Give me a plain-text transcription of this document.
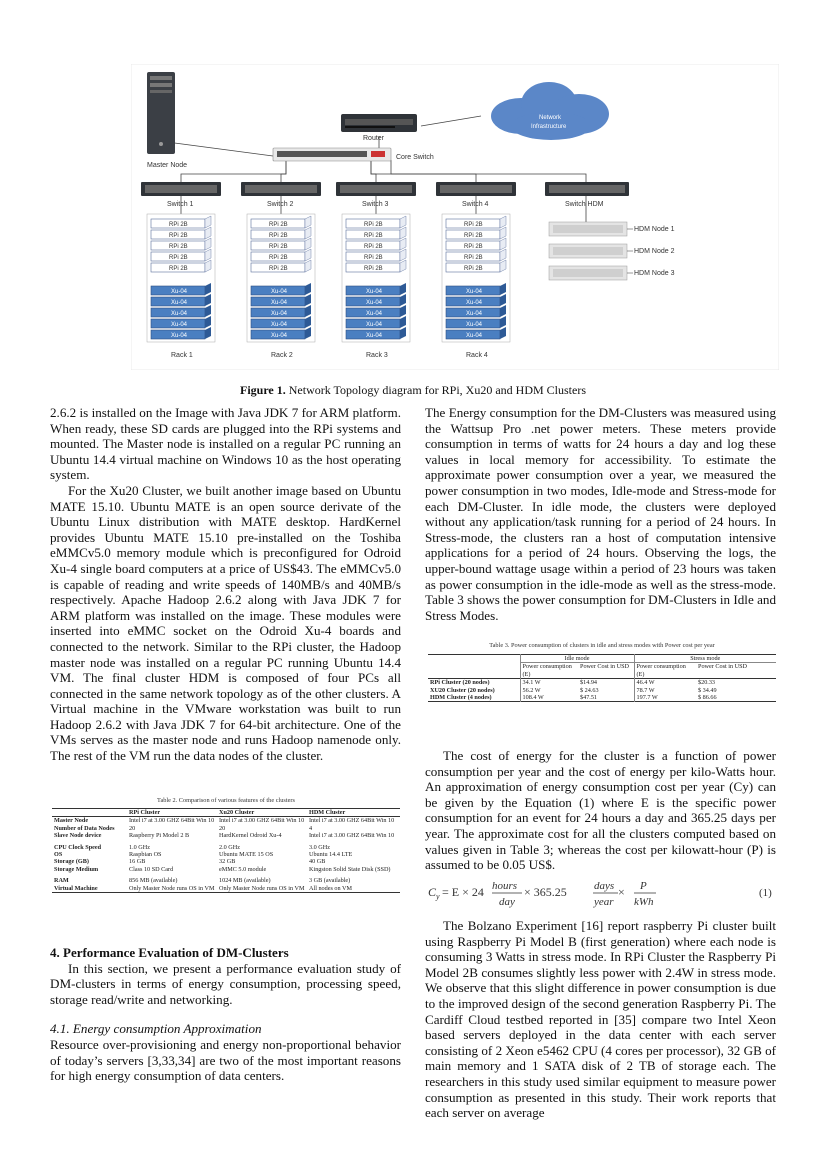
Master Node
Router
Network
Infrastructure
Core Switch
Switch 1
RPi 2B
RPi 2B
RPi 2B
RPi 2B
RPi 2B
Xu-04
Xu-04
Xu-04
Xu-04
Xu-04
Rack 1
Switch 2
RPi 2B
RPi 2B
RPi 2B
RPi 2B
RPi 2B
Xu-04
Xu-04
Xu-04
Xu-04
Xu-04
Rack 2
Switch 3
RPi 2B
RPi 2B
RPi 2B
RPi 2B
RPi 2B
Xu-04
Xu-04
Xu-04
Xu-04
Xu-04
Rack 3
Switch 4
RPi 2B
RPi 2B
RPi 2B
RPi 2B
RPi 2B
Xu-04
Xu-04
Xu-04
Xu-04
Xu-04
Rack 4
Switch HDM
HDM Node 1
HDM Node 2
HDM Node 3
Figure 1. Network Topology diagram for RPi, Xu20 and HDM Clusters

2.6.2 is installed on the Image with Java JDK 7 for ARM platform. When ready, these SD cards are plugged into the RPi systems and mounted. The Master node is installed on a regular PC running an Ubuntu 14.4 virtual machine on Windows 10 as the host operating system.

For the Xu20 Cluster, we built another image based on Ubuntu MATE 15.10. Ubuntu MATE is an open source derivate of the Ubuntu Linux distribution with MATE desktop. HardKernel provides Ubuntu MATE 15.10 pre-installed on the Toshiba eMMCv5.0 memory module which is preconfigured for Odroid Xu-4 single board computers at a price of US$43. The eMMCv5.0 is capable of reading and write speeds of 140MB/s and 40MB/s respectively. Apache Hadoop 2.6.2 along with Java JDK 7 for ARM platform was installed on the image. These modules were inserted into eMMC socket on the Odroid Xu-4 boards and connected to the network. Similar to the RPi cluster, the Hadoop master node was installed on a regular PC running Ubuntu 14.4 VM. The final cluster HDM is composed of four PCs all connected in the same network topology as of the other clusters. A Virtual machine in the VMware workstation was built to run Hadoop 2.6.2 with Java JDK 7 for 64-bit architecture. One of the VMs serves as the master node and runs Hadoop namenode only. The rest of the VM run the data nodes of the cluster.

Table 2. Comparison of various features of the clusters
	RPi Cluster	Xu20 Cluster	HDM Cluster
Master Node	Intel i7 at 3.00 GHZ 64Bit Win 10	Intel i7 at 3.00 GHZ 64Bit Win 10	Intel i7 at 3.00 GHZ 64Bit Win 10
Number of Data Nodes	20	20	4
Slave Node device	Raspberry Pi Model 2 B	HardKernel Odroid Xu-4	Intel i7 at 3.00 GHZ 64Bit Win 10
CPU Clock Speed	1.0 GHz	2.0 GHz	3.0 GHz
OS	Raspbian OS	Ubuntu MATE 15 OS	Ubuntu 14.4 LTE
Storage (GB)	16 GB	32 GB	40 GB
Storage Medium	Class 10 SD Card	eMMC 5.0 module	Kingston Solid State Disk (SSD)
RAM	856 MB (available)	1024 MB (available)	3 GB (available)
Virtual Machine	Only Master Node runs OS in VM	Only Master Node runs OS in VM	All nodes on VM

4. Performance Evaluation of DM-Clusters

In this section, we present a performance evaluation study of DM-clusters in terms of energy consumption, processing speed, storage read/write and networking.

4.1. Energy consumption Approximation

Resource over-provisioning and energy non-proportional behavior of today’s servers [3,33,34] are two of the most important reasons for high energy consumption of data centers.

The Energy consumption for the DM-Clusters was measured using the Wattsup Pro .net power meters. These meters provide consumption in terms of watts for 24 hours a day and log these values in local memory for accessibility. To estimate the approximate power consumption over a year, we measured the power consumption in two modes, Idle-mode and Stress-mode for each DM-Cluster. In idle mode, the clusters were deployed without any application/task running for a period of 24 hours. In Stress-mode, the clusters ran a host of computation intensive applications for a period of 24 hours. Observing the logs, the upper-bound wattage usage within a period of 23 hours was taken as power consumption in the idle-mode as well as the stress-mode. Table 3 shows the power consumption for DM-Clusters in Idle and Stress Modes.

Table 3. Power consumption of clusters in idle and stress modes with Power cost per year
	Idle mode		Stress mode	
	Power consumption (E)	Power Cost in USD	Power consumption (E)	Power Cost in USD
RPi Cluster (20 nodes)	34.1 W	$14.94	46.4 W	$20.33
XU20 Cluster (20 nodes)	56.2 W	$ 24.63	78.7 W	$ 34.49
HDM Cluster (4 nodes)	108.4 W	$47.51	197.7 W	$ 86.66

The cost of energy for the cluster is a function of power consumption per year and the cost of energy per kilo-Watts hour. An approximation of energy consumption cost per year (Cy) can be given by the Equation (1) where E is the specific power consumption for an event for 24 hours a day and 365.25 days per year. The approximate cost for all the clusters computed based on values given in Table 3; whereas the cost per kilowatt-hour (P) is assumed to be 0.05 US$.

C y = E × 24 hours
day
× 365.25 days
year
× P
kWh
(1)

The Bolzano Experiment [16] report raspberry Pi cluster built using Raspberry Pi Model B (first generation) where each node is consuming 3 Watts in stress mode. In RPi Cluster the Raspberry Pi Model 2B consumes slightly less power with 2.4W in stress mode. We observe that this slight difference in power consumption is due to the improved design of the second generation Raspberry Pi. The Cardiff Cloud testbed reported in [35] compare two Intel Xeon based servers deployed in the data center with each server consisting of 2 Xeon e5462 CPU (4 cores per processor), 32 GB of main memory and 1 SATA disk of 2 TB of storage each. The researchers in this study used similar equipment to measure power consumption as presented in this study. Their work reports that each server on average
